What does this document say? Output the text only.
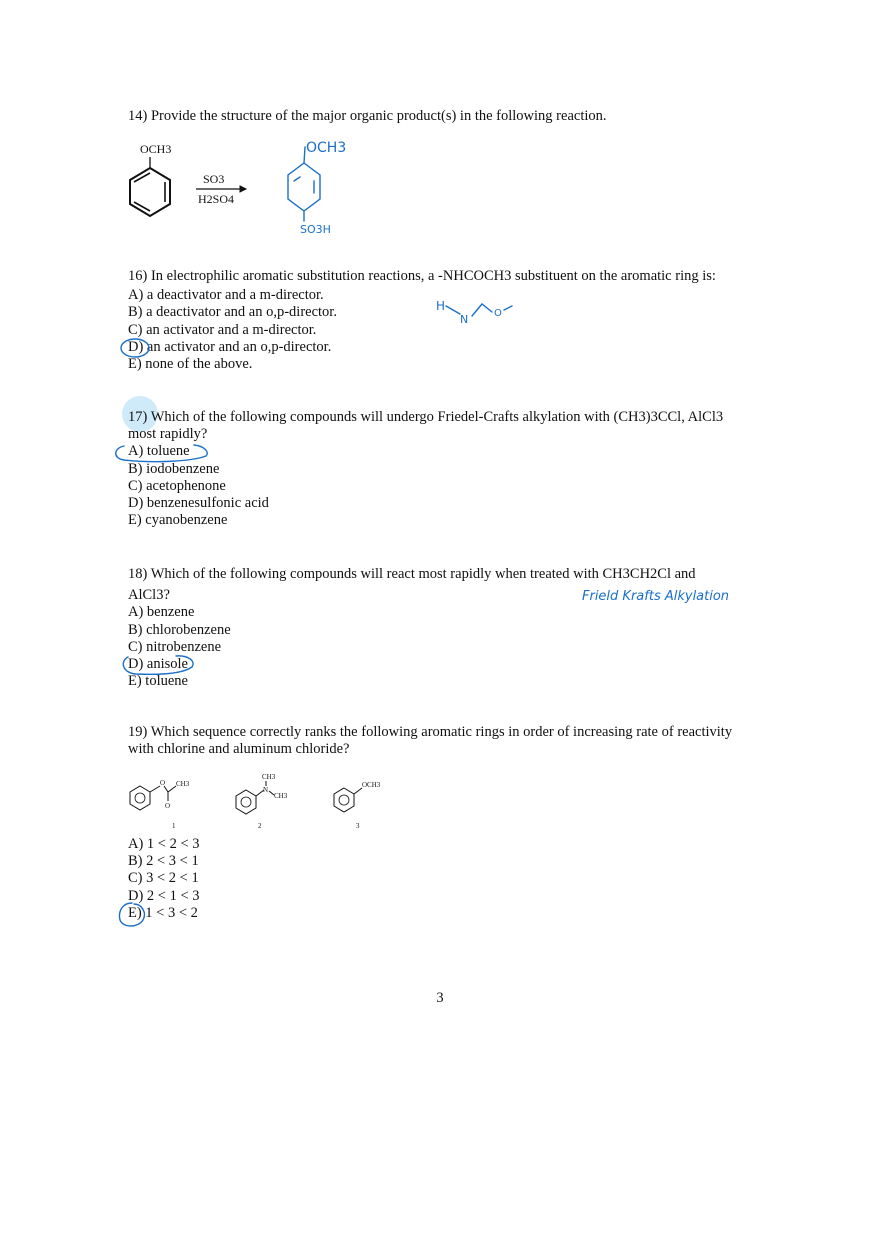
14) Provide the structure of the major organic product(s) in the following reaction.

OCH3
SO3
H2SO4
OCH3
SO3H

16) In electrophilic aromatic substitution reactions, a -NHCOCH3 substituent on the aromatic ring is:

A) a deactivator and a m-director.

B) a deactivator and an o,p-director.

C) an activator and a m-director.

D) an activator and an o,p-director.

E) none of the above.

H
N	O

17) Which of the following compounds will undergo Friedel-Crafts alkylation with (CH3)3CCl, AlCl3

most rapidly?

A) toluene

B) iodobenzene

C) acetophenone

D) benzenesulfonic acid

E) cyanobenzene

18) Which of the following compounds will react most rapidly when treated with CH3CH2Cl and

AlCl3?

A) benzene

B) chlorobenzene

C) nitrobenzene

D) anisole

E) toluene

Frield Krafts Alkylation

19) Which sequence correctly ranks the following aromatic rings in order of increasing rate of reactivity

with chlorine and aluminum chloride?

O CH3
O
1
CH3
N
CH3
2
OCH3
3

A) 1 < 2 < 3

B) 2 < 3 < 1

C) 3 < 2 < 1

D) 2 < 1 < 3

E) 1 < 3 < 2

3
